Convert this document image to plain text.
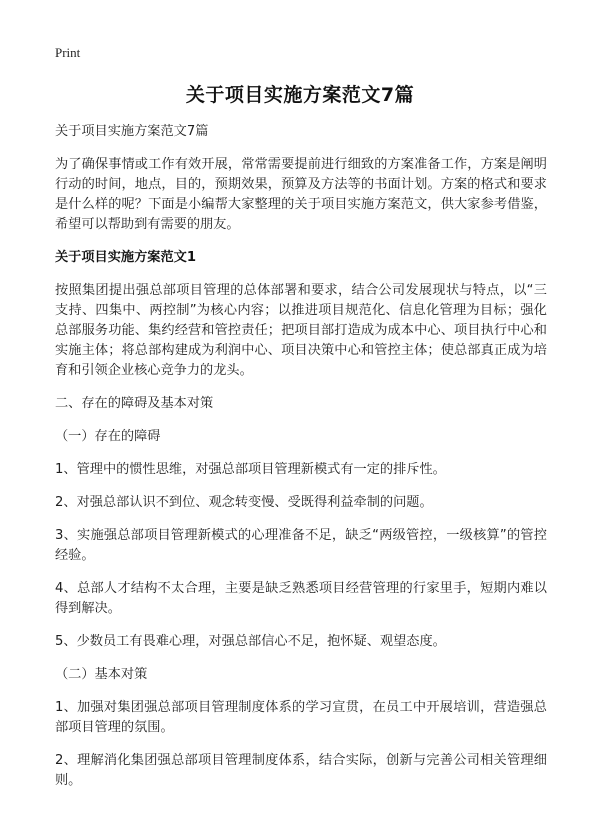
Print
关于项目实施方案范文7篇

关于项目实施方案范文7篇

为了确保事情或工作有效开展，常常需要提前进行细致的方案准备工作，方案是阐明行动的时间，地点，目的，预期效果，预算及方法等的书面计划。方案的格式和要求是什么样的呢？下面是小编帮大家整理的关于项目实施方案范文，供大家参考借鉴，希望可以帮助到有需要的朋友。

关于项目实施方案范文1

按照集团提出强总部项目管理的总体部署和要求，结合公司发展现状与特点，以“三支持、四集中、两控制”为核心内容；以推进项目规范化、信息化管理为目标；强化总部服务功能、集约经营和管控责任；把项目部打造成为成本中心、项目执行中心和实施主体；将总部构建成为利润中心、项目决策中心和管控主体；使总部真正成为培育和引领企业核心竞争力的龙头。

二、存在的障碍及基本对策

（一）存在的障碍

1、管理中的惯性思维，对强总部项目管理新模式有一定的排斥性。

2、对强总部认识不到位、观念转变慢、受既得利益牵制的问题。

3、实施强总部项目管理新模式的心理准备不足，缺乏“两级管控，一级核算”的管控经验。

4、总部人才结构不太合理，主要是缺乏熟悉项目经营管理的行家里手，短期内难以得到解决。

5、少数员工有畏难心理，对强总部信心不足，抱怀疑、观望态度。

（二）基本对策

1、加强对集团强总部项目管理制度体系的学习宣贯，在员工中开展培训，营造强总部项目管理的氛围。

2、理解消化集团强总部项目管理制度体系，结合实际，创新与完善公司相关管理细则。
